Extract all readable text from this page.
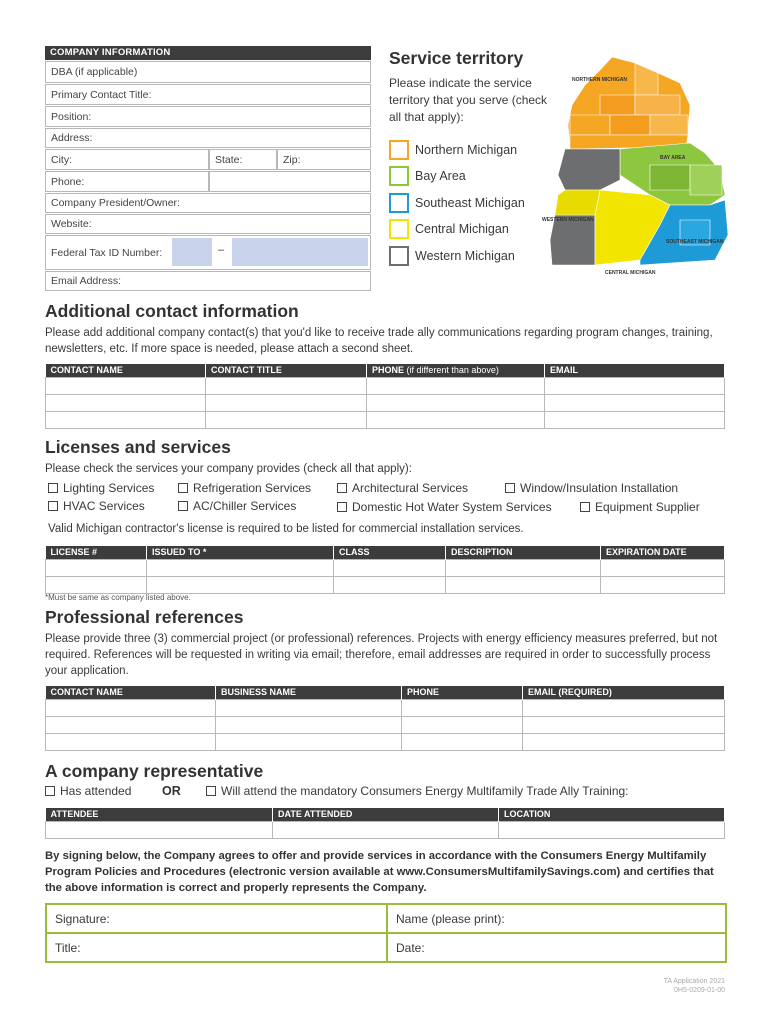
COMPANY INFORMATION
DBA (if applicable)
Primary Contact Title:
Position:
Address:
City:	State:	Zip:
Phone:
Company President/Owner:
Website:
Federal Tax ID Number:	–
Email Address:
Service territory
Please indicate the service territory that you serve (check all that apply):
Northern Michigan
Bay Area
Southeast Michigan
Central Michigan
Western Michigan
NORTHERN MICHIGAN
BAY AREA
WESTERN MICHIGAN
SOUTHEAST MICHIGAN
CENTRAL MICHIGAN
Additional contact information
Please add additional company contact(s) that you'd like to receive trade ally communications regarding program changes, training, newsletters, etc. If more space is needed, please attach a second sheet.
CONTACT NAME	CONTACT TITLE	PHONE (if different than above)	EMAIL

Licenses and services
Please check the services your company provides (check all that apply):
Lighting Services	Refrigeration Services	Architectural Services	Window/Insulation Installation
HVAC Services	AC/Chiller Services	Domestic Hot Water System Services	Equipment Supplier
Valid Michigan contractor's license is required to be listed for commercial installation services.
LICENSE #	ISSUED TO *	CLASS	DESCRIPTION	EXPIRATION DATE

*Must be same as company listed above.
Professional references
Please provide three (3) commercial project (or professional) references. Projects with energy efficiency measures preferred, but not required. References will be requested in writing via email; therefore, email addresses are required in order to successfully process your application.
CONTACT NAME	BUSINESS NAME	PHONE	EMAIL (REQUIRED)

A company representative
Has attended OR	Will attend the mandatory Consumers Energy Multifamily Trade Ally Training:
ATTENDEE	DATE ATTENDED	LOCATION

By signing below, the Company agrees to offer and provide services in accordance with the Consumers Energy Multifamily Program Policies and Procedures (electronic version available at www.ConsumersMultifamilySavings.com) and certifies that the above information is correct and properly represents the Company.
Signature:	Name (please print):
Title:	Date:
TA Application 2021
0H5-0209-01-00
